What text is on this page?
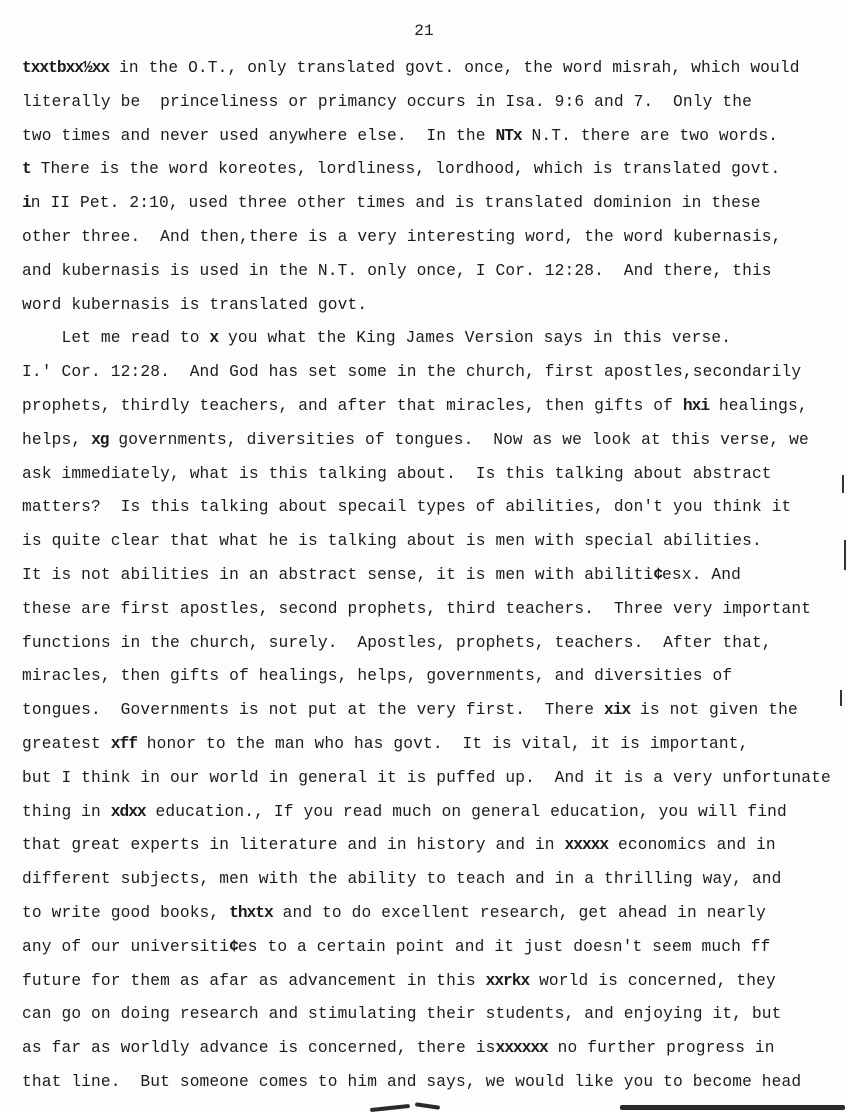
21
txxtbxx½xx in the O.T., only translated govt. once, the word misrah, which would
literally be  princeliness or primancy occurs in Isa. 9:6 and 7.  Only the
two times and never used anywhere else.  In the NTx N.T. there are two words.
t There is the word koreotes, lordliness, lordhood, which is translated govt.
in II Pet. 2:10, used three other times and is translated dominion in these
other three.  And then,there is a very interesting word, the word kubernasis,
and kubernasis is used in the N.T. only once, I Cor. 12:28.  And there, this
word kubernasis is translated govt.
Let me read to x you what the King James Version says in this verse.
I.' Cor. 12:28.  And God has set some in the church, first apostles,secondarily
prophets, thirdly teachers, and after that miracles, then gifts of hxi healings,
helps, xg governments, diversities of tongues.  Now as we look at this verse, we
ask immediately, what is this talking about.  Is this talking about abstract
matters?  Is this talking about specail types of abilities, don't you think it
is quite clear that what he is talking about is men with special abilities.
It is not abilities in an abstract sense, it is men with abiliti¢esx. And
these are first apostles, second prophets, third teachers.  Three very important
functions in the church, surely.  Apostles, prophets, teachers.  After that,
miracles, then gifts of healings, helps, governments, and diversities of
tongues.  Governments is not put at the very first.  There xix is not given the
greatest xff honor to the man who has govt.  It is vital, it is important,
but I think in our world in general it is puffed up.  And it is a very unfortunate
thing in xdxx education., If you read much on general education, you will find
that great experts in literature and in history and in xxxxx economics and in
different subjects, men with the ability to teach and in a thrilling way, and
to write good books, thxtx and to do excellent research, get ahead in nearly
any of our universiti¢es to a certain point and it just doesn't seem much ff
future for them as afar as advancement in this xxrkx world is concerned, they
can go on doing research and stimulating their students, and enjoying it, but
as far as worldly advance is concerned, there isxxxxxx no further progress in
that line.  But someone comes to him and says, we would like you to become head
